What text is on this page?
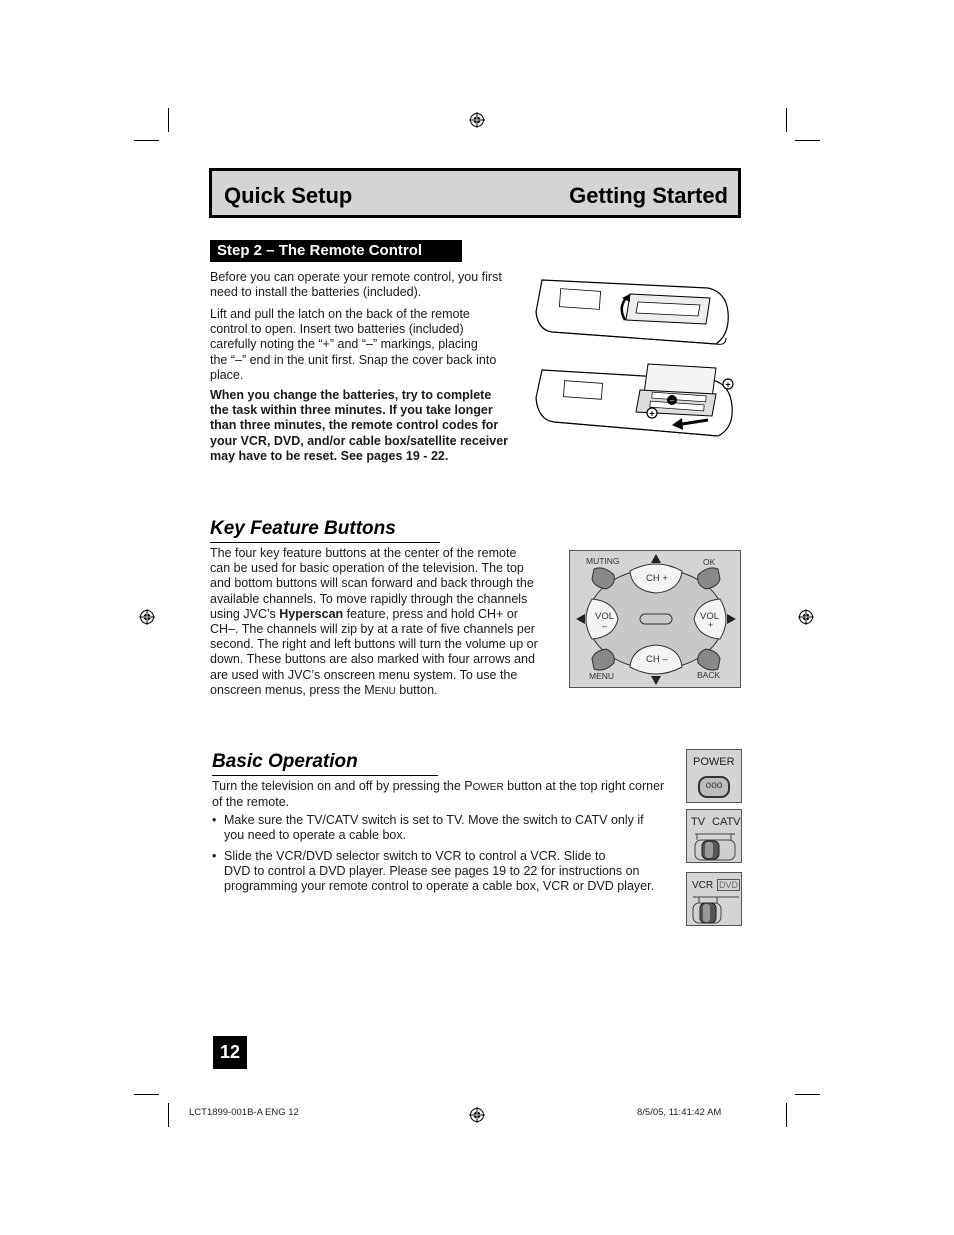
Quick Setup	Getting Started
Step 2 – The Remote Control
Before you can operate your remote control, you first
need to install the batteries (included).
Lift and pull the latch on the back of the remote
control to open. Insert two batteries (included)
carefully noting the “+” and “–” markings, placing
the “–” end in the unit first. Snap the cover back into
place.
When you change the batteries, try to complete
the task within three minutes. If you take longer
than three minutes, the remote control codes for
your VCR, DVD, and/or cable box/satellite receiver
may have to be reset. See pages 19 - 22.
–
+
+
Key Feature Buttons
The four key feature buttons at the center of the remote
can be used for basic operation of the television. The top
and bottom buttons will scan forward and back through the
available channels. To move rapidly through the channels
using JVC’s Hyperscan feature, press and hold CH+ or
CH–. The channels will zip by at a rate of five channels per
second. The right and left buttons will turn the volume up or
down. These buttons are also marked with four arrows and
are used with JVC’s onscreen menu system. To use the
onscreen menus, press the MENU button.
MUTING	OK
MENU	BACK
CH +
CH –
VOL
–
VOL
+
Basic Operation
Turn the television on and off by pressing the POWER button at the top right corner
of the remote.
• Make sure the TV/CATV switch is set to TV. Move the switch to CATV only if
you need to operate a cable box.
• Slide the VCR/DVD selector switch to VCR to control a VCR. Slide to
DVD to control a DVD player. Please see pages 19 to 22 for instructions on
programming your remote control to operate a cable box, VCR or DVD player.
POWER
ooo
TV CATV
VCR DVD
12
LCT1899-001B-A ENG 12	8/5/05, 11:41:42 AM
